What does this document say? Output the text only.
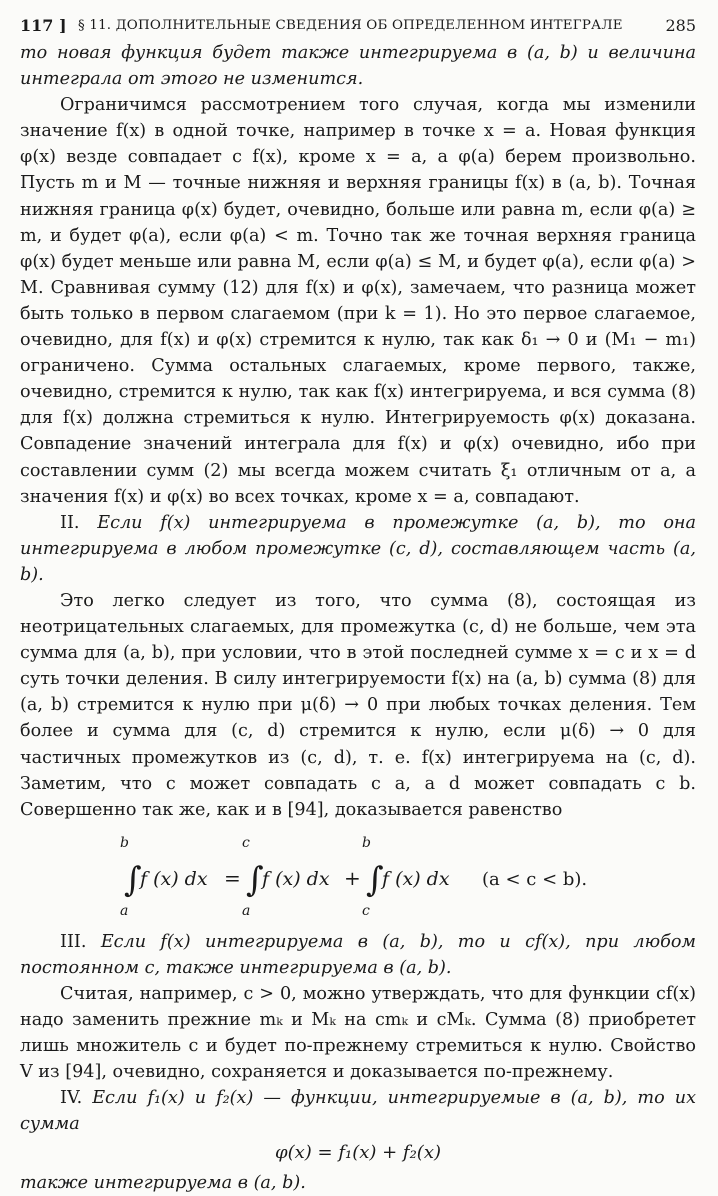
117 ] § 11. ДОПОЛНИТЕЛЬНЫЕ СВЕДЕНИЯ ОБ ОПРЕДЕЛЕННОМ ИНТЕГРАЛЕ	285

то новая функция будет также интегрируема в (a, b) и величина интеграла от этого не изменится.

Ограничимся рассмотрением того случая, когда мы изменили значение f(x) в одной точке, например в точке x = a. Новая функция φ(x) везде совпадает с f(x), кроме x = a, а φ(a) берем произвольно. Пусть m и M — точные нижняя и верхняя границы f(x) в (a, b). Точная нижняя граница φ(x) будет, очевидно, больше или равна m, если φ(a) ≥ m, и будет φ(a), если φ(a) < m. Точно так же точная верхняя граница φ(x) будет меньше или равна M, если φ(a) ≤ M, и будет φ(a), если φ(a) > M. Сравнивая сумму (12) для f(x) и φ(x), замечаем, что разница может быть только в первом слагаемом (при k = 1). Но это первое слагаемое, очевидно, для f(x) и φ(x) стремится к нулю, так как δ₁ → 0 и (M₁ − m₁) ограничено. Сумма остальных слагаемых, кроме первого, также, очевидно, стремится к нулю, так как f(x) интегрируема, и вся сумма (8) для f(x) должна стремиться к нулю. Интегрируемость φ(x) доказана. Совпадение значений интеграла для f(x) и φ(x) очевидно, ибо при составлении сумм (2) мы всегда можем считать ξ₁ отличным от a, а значения f(x) и φ(x) во всех точках, кроме x = a, совпадают.

II. Если f(x) интегрируема в промежутке (a, b), то она интегрируема в любом промежутке (c, d), составляющем часть (a, b).

Это легко следует из того, что сумма (8), состоящая из неотрицательных слагаемых, для промежутка (c, d) не больше, чем эта сумма для (a, b), при условии, что в этой последней сумме x = c и x = d суть точки деления. В силу интегрируемости f(x) на (a, b) сумма (8) для (a, b) стремится к нулю при μ(δ) → 0 при любых точках деления. Тем более и сумма для (c, d) стремится к нулю, если μ(δ) → 0 для частичных промежутков из (c, d), т. е. f(x) интегрируема на (c, d). Заметим, что c может совпадать с a, а d может совпадать с b. Совершенно так же, как и в [94], доказывается равенство

b
∫
a
f (x) dx =
c
∫
a
f (x) dx +
b
∫
c
f (x) dx (a < c < b).

III. Если f(x) интегрируема в (a, b), то и cf(x), при любом постоянном c, также интегрируема в (a, b).

Считая, например, c > 0, можно утверждать, что для функции cf(x) надо заменить прежние mₖ и Mₖ на cmₖ и cMₖ. Сумма (8) приобретет лишь множитель c и будет по-прежнему стремиться к нулю. Свойство V из [94], очевидно, сохраняется и доказывается по-прежнему.

IV. Если f₁(x) и f₂(x) — функции, интегрируемые в (a, b), то их сумма

φ(x) = f₁(x) + f₂(x)

также интегрируема в (a, b).
